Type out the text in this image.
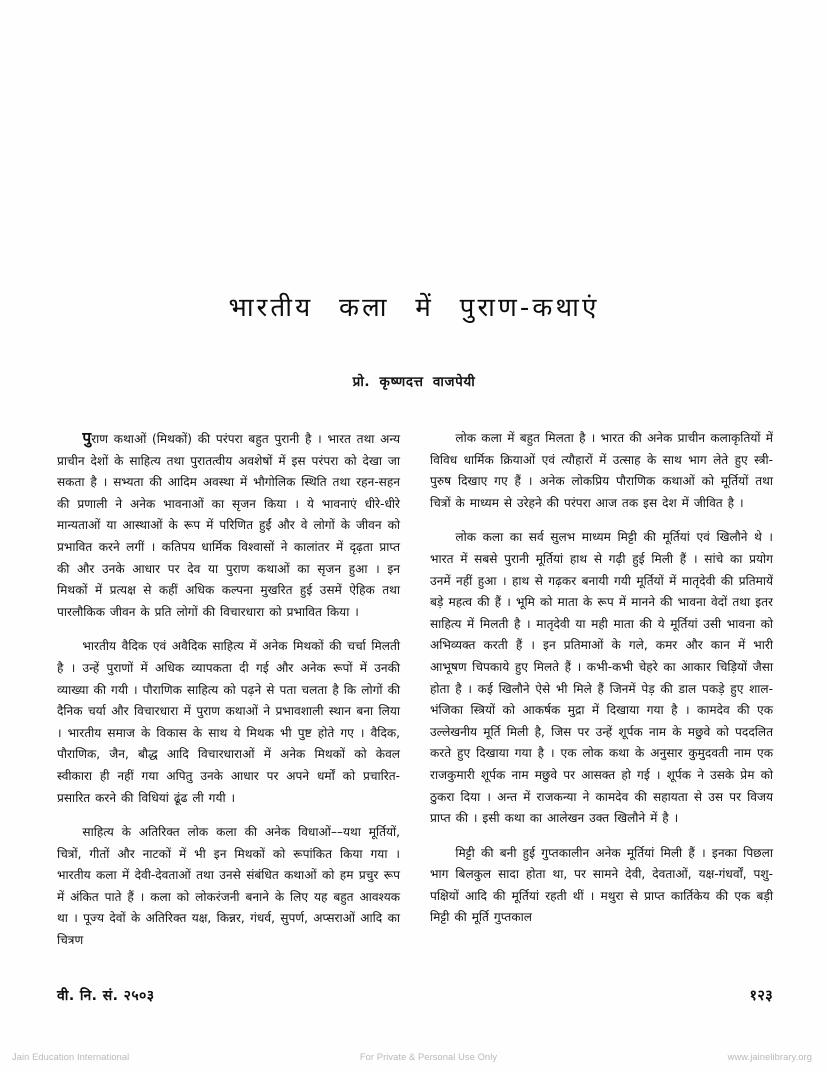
भारतीय कला में पुराण-कथाएं

प्रो. कृष्णदत्त वाजपेयी

पुराण कथाओं (मिथकों) की परंपरा बहुत पुरानी है । भारत तथा अन्य प्राचीन देशों के साहित्य तथा पुरातत्वीय अवशेषों में इस परंपरा को देखा जा सकता है । सभ्यता की आदिम अवस्था में भौगोलिक स्थिति तथा रहन-सहन की प्रणाली ने अनेक भावनाओं का सृजन किया । ये भावनाएं धीरे-धीरे मान्यताओं या आस्थाओं के रूप में परिणित हुईं और वे लोगों के जीवन को प्रभावित करने लगीं । कतिपय धार्मिक विश्वासों ने कालांतर में दृढ़ता प्राप्त की और उनके आधार पर देव या पुराण कथाओं का सृजन हुआ । इन मिथकों में प्रत्यक्ष से कहीं अधिक कल्पना मुखरित हुई उसमें ऐहिक तथा पारलौकिक जीवन के प्रति लोगों की विचारधारा को प्रभावित किया ।

भारतीय वैदिक एवं अवैदिक साहित्य में अनेक मिथकों की चर्चा मिलती है । उन्हें पुराणों में अधिक व्यापकता दी गई और अनेक रूपों में उनकी व्याख्या की गयी । पौराणिक साहित्य को पढ़ने से पता चलता है कि लोगों की दैनिक चर्या और विचारधारा में पुराण कथाओं ने प्रभावशाली स्थान बना लिया । भारतीय समाज के विकास के साथ ये मिथक भी पुष्ट होते गए । वैदिक, पौराणिक, जैन, बौद्ध आदि विचारधाराओं में अनेक मिथकों को केवल स्वीकारा ही नहीं गया अपितु उनके आधार पर अपने धर्मों को प्रचारित-प्रसारित करने की विधियां ढूंढ ली गयी ।

साहित्य के अतिरिक्त लोक कला की अनेक विधाओं––यथा मूर्तियों, चित्रों, गीतों और नाटकों में भी इन मिथकों को रूपांकित किया गया । भारतीय कला में देवी-देवताओं तथा उनसे संबंधित कथाओं को हम प्रचुर रूप में अंकित पाते हैं । कला को लोकरंजनी बनाने के लिए यह बहुत आवश्यक था । पूज्य देवों के अतिरिक्त यक्ष, किन्नर, गंधर्व, सुपर्ण, अप्सराओं आदि का चित्रण

लोक कला में बहुत मिलता है । भारत की अनेक प्राचीन कलाकृतियों में विविध धार्मिक क्रियाओं एवं त्यौहारों में उत्साह के साथ भाग लेते हुए स्त्री-पुरुष दिखाए गए हैं । अनेक लोकप्रिय पौराणिक कथाओं को मूर्तियों तथा चित्रों के माध्यम से उरेहने की परंपरा आज तक इस देश में जीवित है ।

लोक कला का सर्व सुलभ माध्यम मिट्टी की मूर्तियां एवं खिलौने थे । भारत में सबसे पुरानी मूर्तियां हाथ से गढ़ी हुई मिली हैं । सांचे का प्रयोग उनमें नहीं हुआ । हाथ से गढ़कर बनायी गयी मूर्तियों में मातृदेवी की प्रतिमायें बड़े महत्व की हैं । भूमि को माता के रूप में मानने की भावना वेदों तथा इतर साहित्य में मिलती है । मातृदेवी या मही माता की ये मूर्तियां उसी भावना को अभिव्यक्त करती हैं । इन प्रतिमाओं के गले, कमर और कान में भारी आभूषण चिपकाये हुए मिलते हैं । कभी-कभी चेहरे का आकार चिड़ियों जैसा होता है । कई खिलौने ऐसे भी मिले हैं जिनमें पेड़ की डाल पकड़े हुए शाल-भंजिका स्त्रियों को आकर्षक मुद्रा में दिखाया गया है । कामदेव की एक उल्लेखनीय मूर्ति मिली है, जिस पर उन्हें शूर्पक नाम के मछुवे को पददलित करते हुए दिखाया गया है । एक लोक कथा के अनुसार कुमुदवती नाम एक राजकुमारी शूर्पक नाम मछुवे पर आसक्त हो गई । शूर्पक ने उसके प्रेम को ठुकरा दिया । अन्त में राजकन्या ने कामदेव की सहायता से उस पर विजय प्राप्त की । इसी कथा का आलेखन उक्त खिलौने में है ।

मिट्टी की बनी हुई गुप्तकालीन अनेक मूर्तियां मिली हैं । इनका पिछला भाग बिलकुल सादा होता था, पर सामने देवी, देवताओं, यक्ष-गंधर्वों, पशु-पक्षियों आदि की मूर्तियां रहती थीं । मथुरा से प्राप्त कार्तिकेय की एक बड़ी मिट्टी की मूर्ति गुप्तकाल

वी. नि. सं. २५०३	१२३
Jain Education International	For Private & Personal Use Only	www.jainelibrary.org
